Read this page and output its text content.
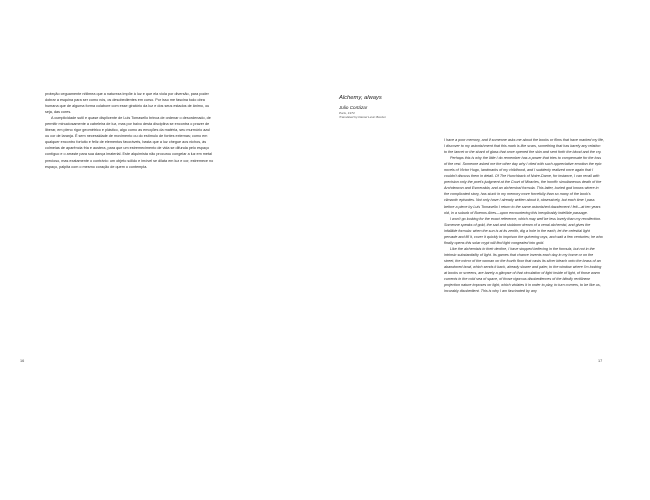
proteção ceguamente nítilmea que a natureza impõe à luz e que ela viola por diversão, para poder dobrar a esquina para ser como nós, os desobedientes em curso. Por isso me fascina todo obra humana que de alguma forma colabore com esse giratório da luz e dos seus estados de ânimo, ou seja, das cores.

A cumplicidade sutil e quase displicente de Luis Tomasello brinca de ordenar o desordenado, de permitir minuciosamente a cabeleira de luz, mas por baixo desta disciplina se encontra o prazer de liberar, em pleno rigor geométrico e plástico, algo como as emoções da matéria, seu murmúrio azul ou cor de laranja. É sem necessidade de movimento ou do estímulo de fontes externas; como em qualquer encontro fortuito e feliz de elementos favoráveis, basta que a luz chegue aos nichos, às colmeias de aparência fria e austera, para que um estremecimento de vida se difunda pelo espaço contíguo e o arraste para sua dança imaterial. Este alquimista não procurou congelar a luz em metal precioso, mas exatamente o contrário: um objeto sólido e imóvel se dilata em luz e cor, estremece no espaço, palpita com o mesmo coração de quem o contempla.

16
Alchemy, always
Julio Cortázar
Paris, 1974
Translated by Daniel Levin Becker

I have a poor memory, and if someone asks me about the books or films that have marked my life, I discover to my astonishment that this mark is like scars, something that has barely any relation to the lancet or the shard of glass that once opened the skin and sent forth the blood and the cry.

Perhaps this is why the little I do remember has a power that tries to compensate for the loss of the rest. Someone asked me the other day why I cited with such appreciative emotion the epic novels of Victor Hugo, landmarks of my childhood, and I suddenly realized once again that I couldn't discuss them in detail. Of The Hunchback of Notre-Dame, for instance, I can recall with precision only the poet's judgment at the Court of Miracles, the horrific simultaneous death of the Archdeacon and Esmeralda, and an alchemical formula. This latter, buried god knows where in the complicated story, has stuck in my memory more forcefully than so many of the book's climactic episodes. Not only have I already written about it, obsessively, but each time I pass before a piece by Luis Tomasello I return to the same astonished dazzlement I felt—at ten years old, in a suburb of Buenos Aires—upon encountering this inexplicably indelible passage.

I won't go looking for the exact reference, which may well be less lovely than my recollection. Someone speaks of gold, the sad and stubborn dream of a venal alchemist, and gives the infallible formula: when the sun is at its zenith, dig a hole in the earth, let the celestial light pervade and fill it, cover it quickly to imprison the quivering rays, and wait a few centuries; he who finally opens this solar crypt will find light congealed into gold.

Like the alchemists in their decline, I have stopped believing in the formula, but not in the intrinsic substantiality of light. Its games that chance invents each day in my home or on the street, the mirror of the woman on the fourth floor that casts its silver bleach onto the brass of an abandoned bowl, which sends it back, already slower and paler, to the window where I'm looking at books or screens, are barely a glimpse of that circulation of light inside of light, of those warm currents in the cold sea of space, of those rigorous disobediences of the blindly rectilinear projection nature imposes on light, which violates it in order to play, to turn corners, to be like us, incurably disobedient. This is why I am fascinated by any

17
